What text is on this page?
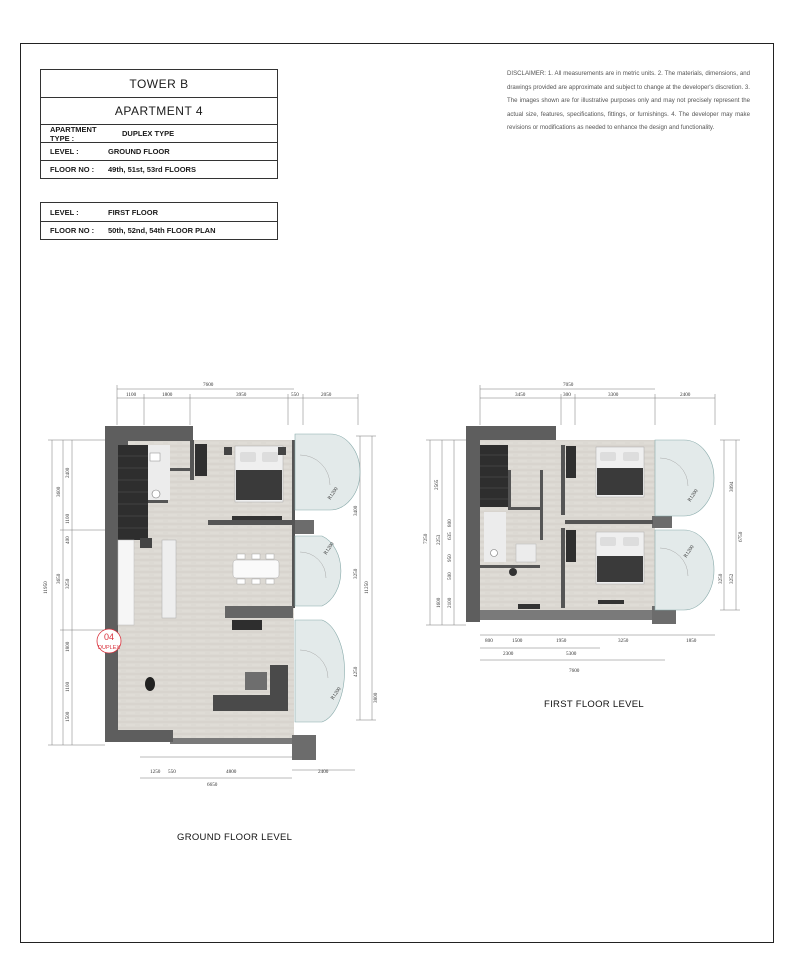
TOWER B
APARTMENT 4
APARTMENT TYPE :	DUPLEX TYPE
LEVEL :	GROUND FLOOR
FLOOR NO :	49th, 51st, 53rd FLOORS
LEVEL :	FIRST FLOOR
FLOOR NO :	50th, 52nd, 54th FLOOR PLAN
DISCLAIMER: 1. All measurements are in metric units. 2. The materials, dimensions, and drawings provided are approximate and subject to change at the developer's discretion. 3. The images shown are for illustrative purposes only and may not precisely represent the actual size, features, specifications, fittings, or furnishings. 4. The developer may make revisions or modifications as needed to enhance the design and functionality.
7600
1100	1800	3950	550	2050
11950
3600
2400
1100
400
3650 3250
1800
1100
1500
11250
3400
3250
4250
3800
6650
1250 550	4800	2400
R1200
R1200
R1200
04
DUPLEX
7050
3450	300	3300	2400
2565
7250
800
635
2253
950
500
1600 2100
3094
6750
3250 3252
7600
800	1500	1950	3250	1850
2300	5300
R1200
R1200
FIRST FLOOR LEVEL
GROUND FLOOR LEVEL
